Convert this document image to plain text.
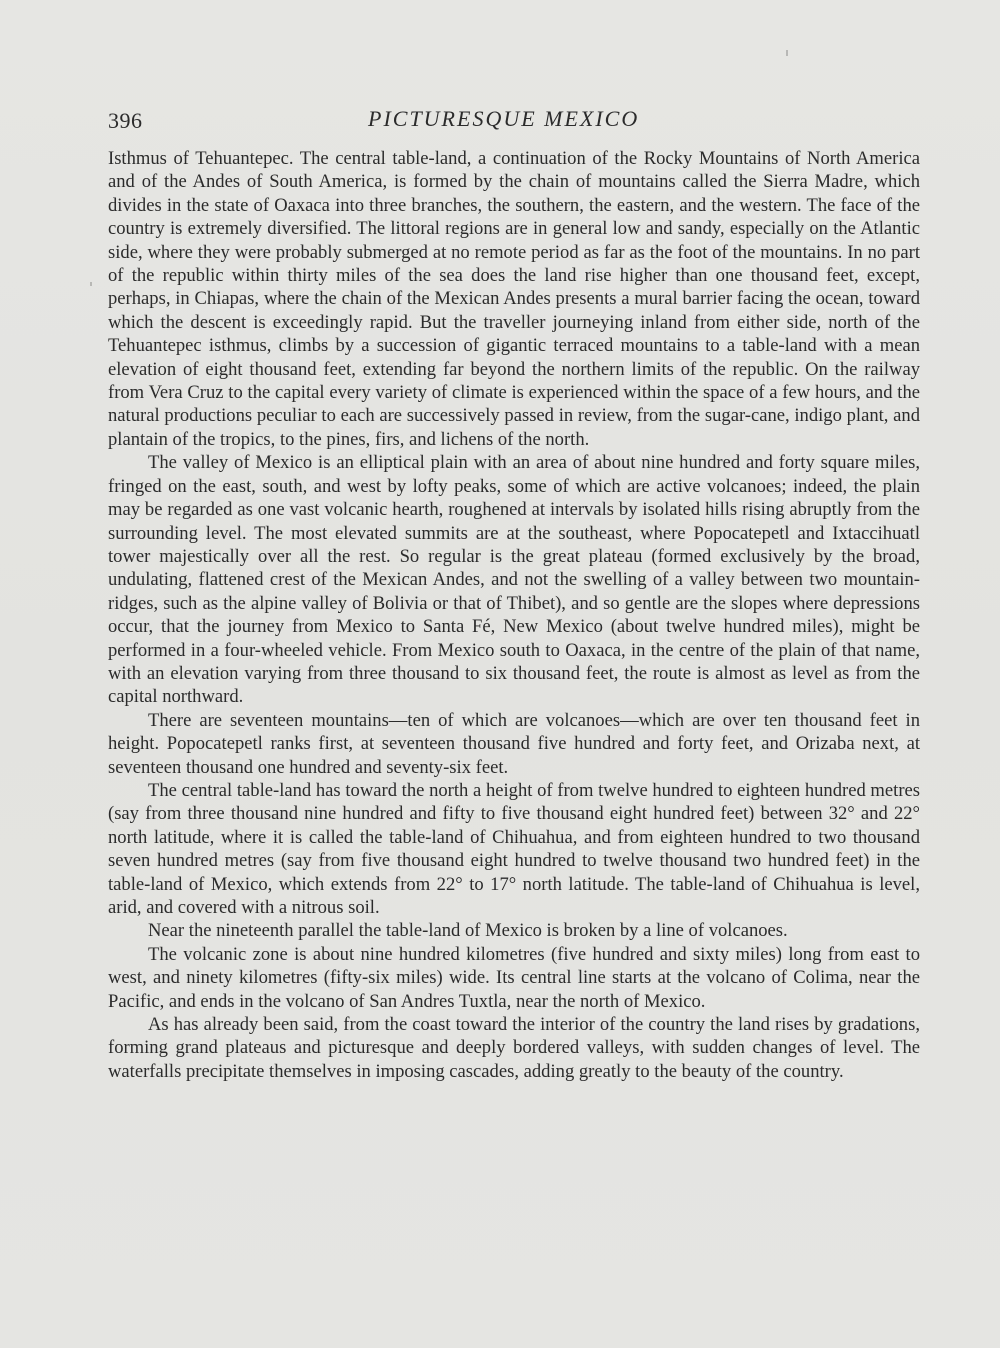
396	PICTURESQUE MEXICO

Isthmus of Tehuantepec. The central table-land, a continuation of the Rocky Mountains of North America and of the Andes of South America, is formed by the chain of mountains called the Sierra Madre, which divides in the state of Oaxaca into three branches, the southern, the eastern, and the western. The face of the country is extremely diversified. The littoral regions are in general low and sandy, especially on the Atlantic side, where they were probably submerged at no remote period as far as the foot of the mountains. In no part of the republic within thirty miles of the sea does the land rise higher than one thousand feet, except, perhaps, in Chiapas, where the chain of the Mexican Andes presents a mural barrier facing the ocean, toward which the descent is exceedingly rapid. But the traveller journeying inland from either side, north of the Tehuantepec isthmus, climbs by a succession of gigantic terraced mountains to a table-land with a mean elevation of eight thousand feet, extending far beyond the northern limits of the republic. On the railway from Vera Cruz to the capital every variety of climate is experienced within the space of a few hours, and the natural productions peculiar to each are successively passed in review, from the sugar-cane, indigo plant, and plantain of the tropics, to the pines, firs, and lichens of the north.

The valley of Mexico is an elliptical plain with an area of about nine hundred and forty square miles, fringed on the east, south, and west by lofty peaks, some of which are active volcanoes; indeed, the plain may be regarded as one vast volcanic hearth, roughened at intervals by isolated hills rising abruptly from the surrounding level. The most elevated summits are at the southeast, where Popocatepetl and Ixtaccihuatl tower majestically over all the rest. So regular is the great plateau (formed exclusively by the broad, undulating, flattened crest of the Mexican Andes, and not the swelling of a valley between two mountain-ridges, such as the alpine valley of Bolivia or that of Thibet), and so gentle are the slopes where depressions occur, that the journey from Mexico to Santa Fé, New Mexico (about twelve hundred miles), might be performed in a four-wheeled vehicle. From Mexico south to Oaxaca, in the centre of the plain of that name, with an elevation varying from three thousand to six thousand feet, the route is almost as level as from the capital northward.

There are seventeen mountains—ten of which are volcanoes—which are over ten thousand feet in height. Popocatepetl ranks first, at seventeen thousand five hundred and forty feet, and Orizaba next, at seventeen thousand one hundred and seventy-six feet.

The central table-land has toward the north a height of from twelve hundred to eighteen hundred metres (say from three thousand nine hundred and fifty to five thousand eight hundred feet) between 32° and 22° north latitude, where it is called the table-land of Chihuahua, and from eighteen hundred to two thousand seven hundred metres (say from five thousand eight hundred to twelve thousand two hundred feet) in the table-land of Mexico, which extends from 22° to 17° north latitude. The table-land of Chihuahua is level, arid, and covered with a nitrous soil.

Near the nineteenth parallel the table-land of Mexico is broken by a line of volcanoes.

The volcanic zone is about nine hundred kilometres (five hundred and sixty miles) long from east to west, and ninety kilometres (fifty-six miles) wide. Its central line starts at the volcano of Colima, near the Pacific, and ends in the volcano of San Andres Tuxtla, near the north of Mexico.

As has already been said, from the coast toward the interior of the country the land rises by gradations, forming grand plateaus and picturesque and deeply bordered valleys, with sudden changes of level. The waterfalls precipitate themselves in imposing cascades, adding greatly to the beauty of the country.
